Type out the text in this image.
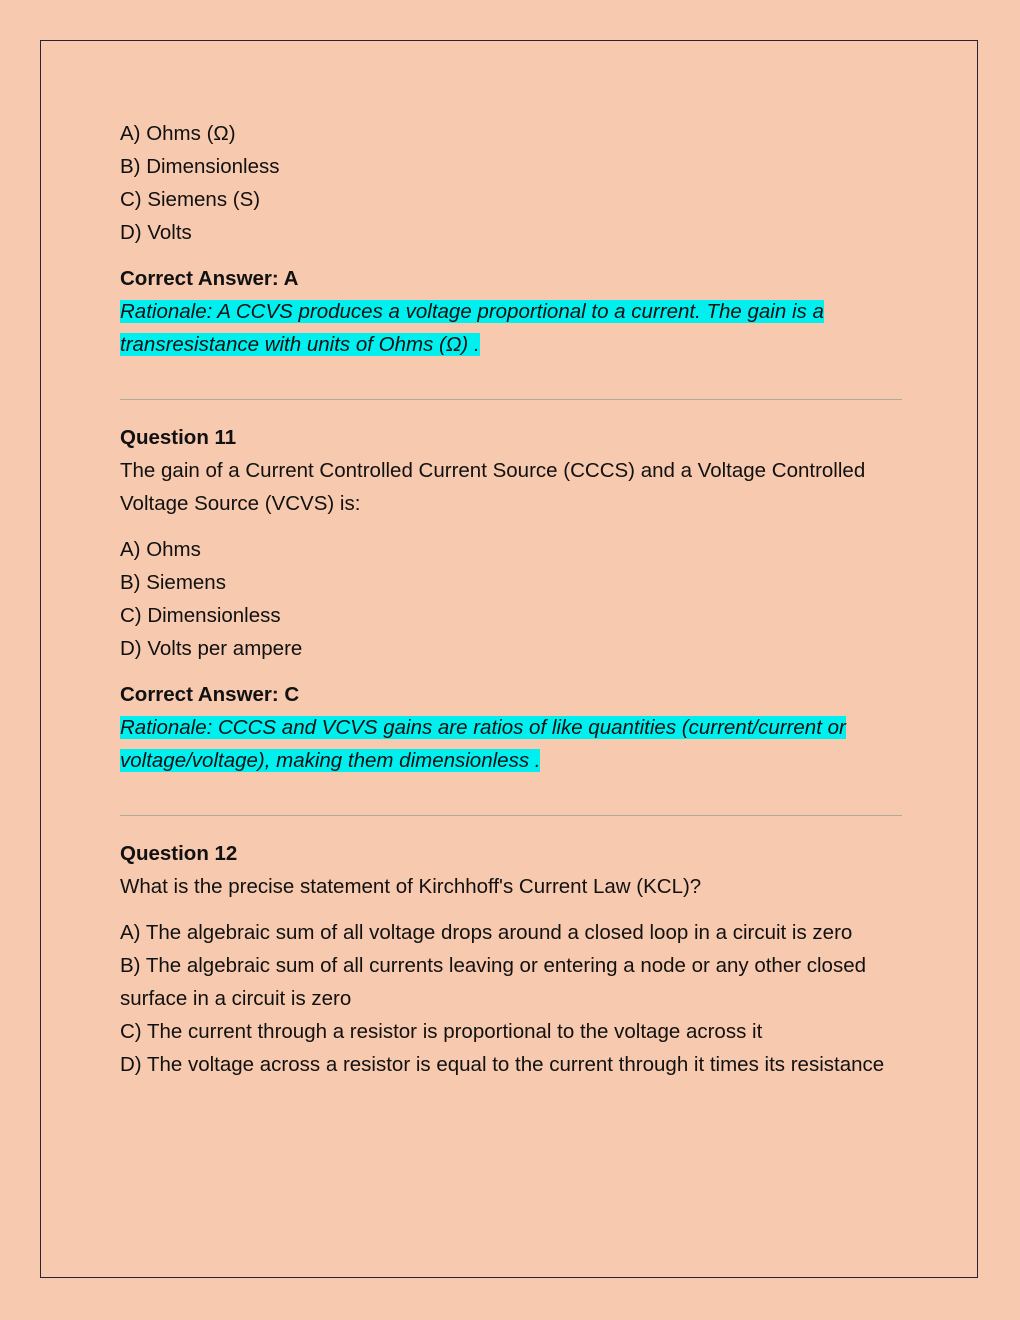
A) Ohms (Ω)
B) Dimensionless
C) Siemens (S)
D) Volts
Correct Answer: A
Rationale: A CCVS produces a voltage proportional to a current. The gain is a
transresistance with units of Ohms (Ω) .
Question 11
The gain of a Current Controlled Current Source (CCCS) and a Voltage Controlled Voltage Source (VCVS) is:
A) Ohms
B) Siemens
C) Dimensionless
D) Volts per ampere
Correct Answer: C
Rationale: CCCS and VCVS gains are ratios of like quantities (current/current or
voltage/voltage), making them dimensionless .
Question 12
What is the precise statement of Kirchhoff's Current Law (KCL)?
A) The algebraic sum of all voltage drops around a closed loop in a circuit is zero
B) The algebraic sum of all currents leaving or entering a node or any other closed surface in a circuit is zero
C) The current through a resistor is proportional to the voltage across it
D) The voltage across a resistor is equal to the current through it times its resistance
